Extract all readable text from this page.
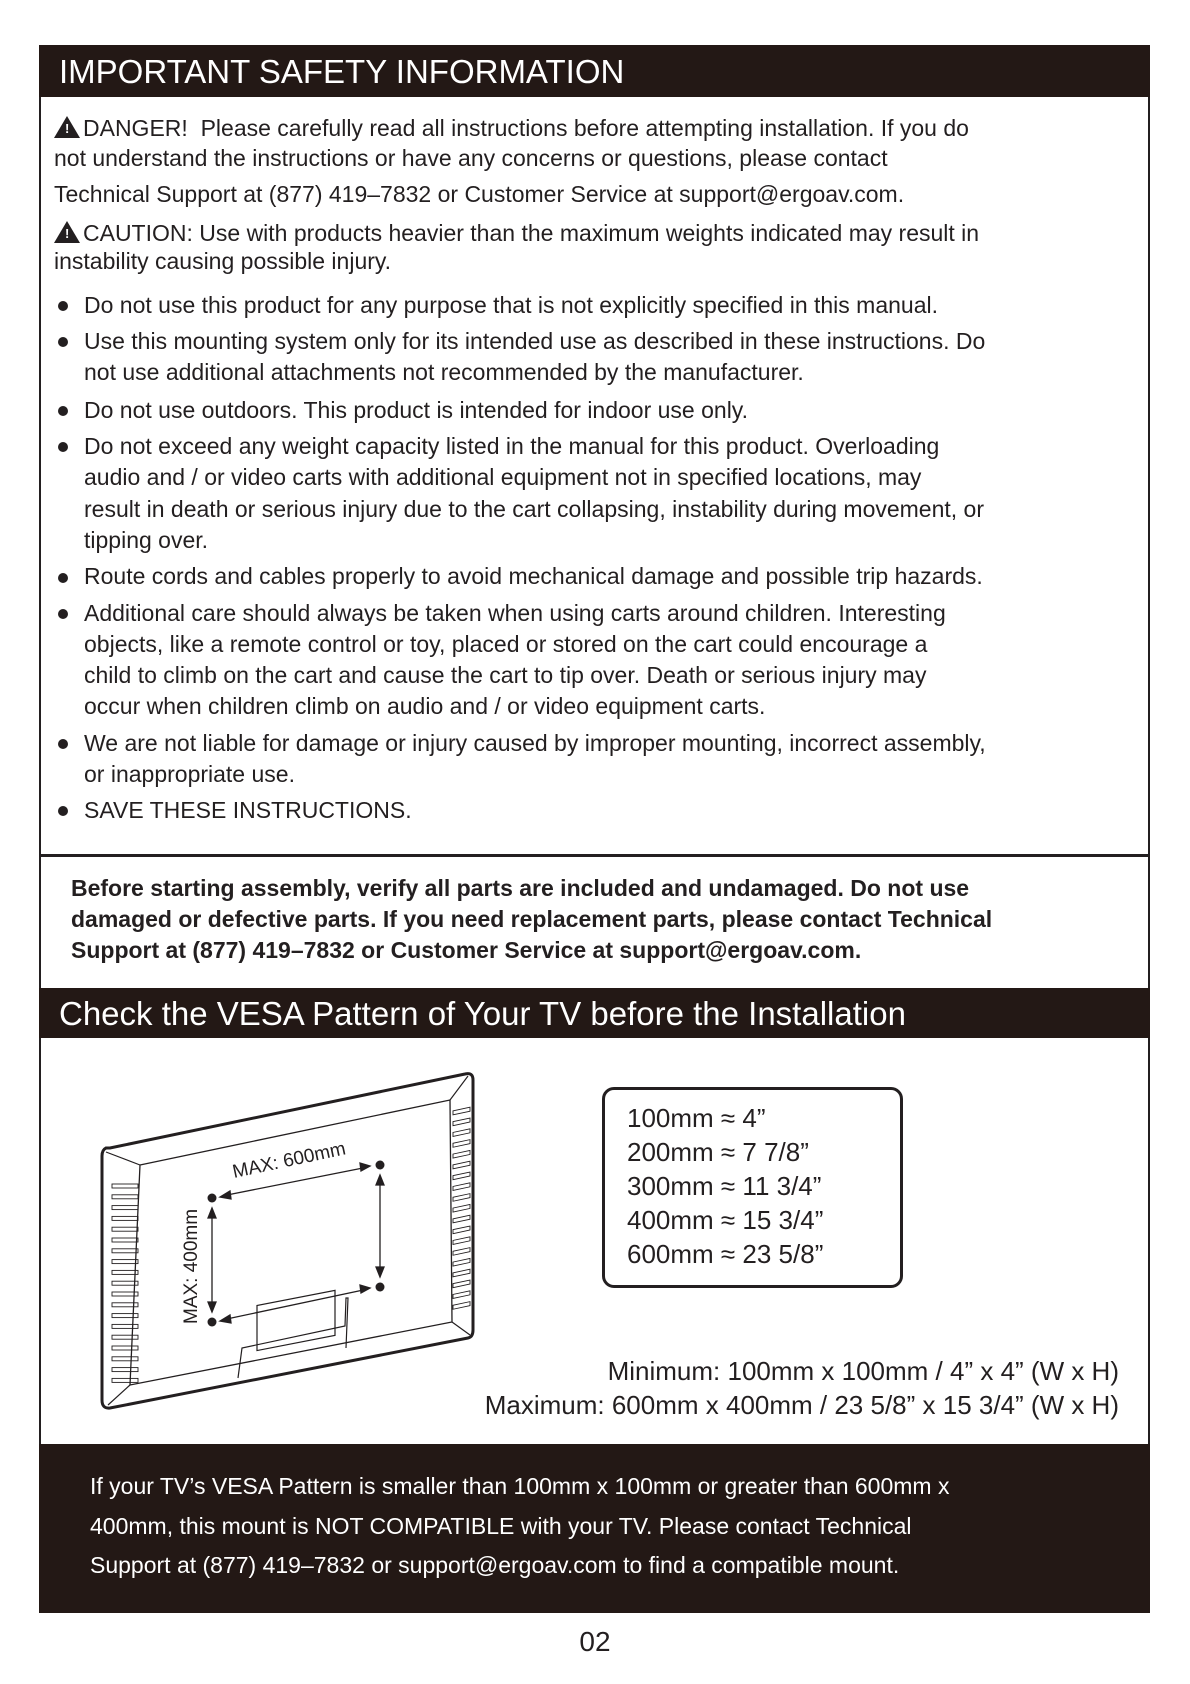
IMPORTANT SAFETY INFORMATION
! DANGER! Please carefully read all instructions before attempting installation. If you do
not understand the instructions or have any concerns or questions, please contact
Technical Support at (877) 419–7832 or Customer Service at support@ergoav.com.
! CAUTION: Use with products heavier than the maximum weights indicated may result in
instability causing possible injury.
Do not use this product for any purpose that is not explicitly specified in this manual.
Use this mounting system only for its intended use as described in these instructions. Do
not use additional attachments not recommended by the manufacturer.
Do not use outdoors. This product is intended for indoor use only.
Do not exceed any weight capacity listed in the manual for this product. Overloading
audio and / or video carts with additional equipment not in specified locations, may
result in death or serious injury due to the cart collapsing, instability during movement, or
tipping over.
Route cords and cables properly to avoid mechanical damage and possible trip hazards.
Additional care should always be taken when using carts around children. Interesting
objects, like a remote control or toy, placed or stored on the cart could encourage a
child to climb on the cart and cause the cart to tip over. Death or serious injury may
occur when children climb on audio and / or video equipment carts.
We are not liable for damage or injury caused by improper mounting, incorrect assembly,
or inappropriate use.
SAVE THESE INSTRUCTIONS.
Before starting assembly, verify all parts are included and undamaged. Do not use
damaged or defective parts. If you need replacement parts, please contact Technical
Support at (877) 419–7832 or Customer Service at support@ergoav.com.
Check the VESA Pattern of Your TV before the Installation
MAX: 600mm
MAX: 400mm
100mm ≈ 4”
200mm ≈ 7 7/8”
300mm ≈ 11 3/4”
400mm ≈ 15 3/4”
600mm ≈ 23 5/8”
Minimum: 100mm x 100mm / 4” x 4” (W x H)
Maximum: 600mm x 400mm / 23 5/8” x 15 3/4” (W x H)
If your TV’s VESA Pattern is smaller than 100mm x 100mm or greater than 600mm x
400mm, this mount is NOT COMPATIBLE with your TV. Please contact Technical
Support at (877) 419–7832 or support@ergoav.com to find a compatible mount.
02
